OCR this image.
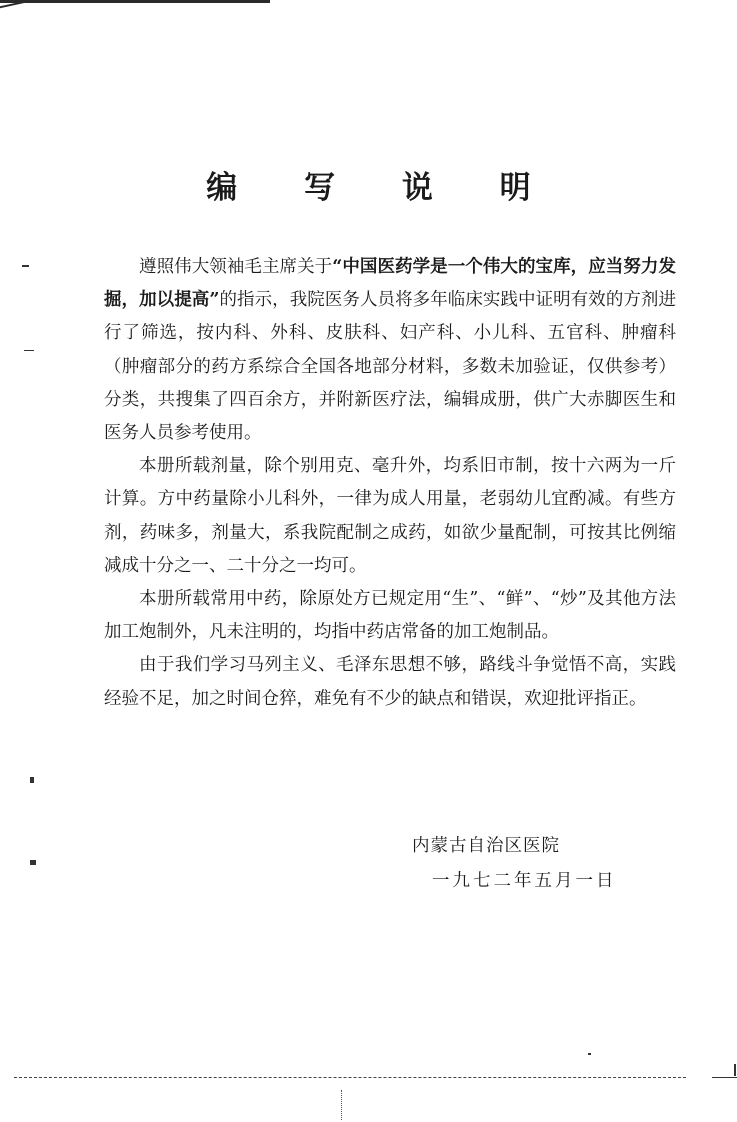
编 写 说 明

遵照伟大领袖毛主席关于“中国医药学是一个伟大的宝库，应当努力发掘，加以提高”的指示，我院医务人员将多年临床实践中证明有效的方剂进行了筛选，按内科、外科、皮肤科、妇产科、小儿科、五官科、肿瘤科（肿瘤部分的药方系综合全国各地部分材料，多数未加验证，仅供参考）分类，共搜集了四百余方，并附新医疗法，编辑成册，供广大赤脚医生和医务人员参考使用。

本册所载剂量，除个别用克、毫升外，均系旧市制，按十六两为一斤计算。方中药量除小儿科外，一律为成人用量，老弱幼儿宜酌减。有些方剂，药味多，剂量大，系我院配制之成药，如欲少量配制，可按其比例缩减成十分之一、二十分之一均可。

本册所载常用中药，除原处方已规定用“生”、“鲜”、“炒”及其他方法加工炮制外，凡未注明的，均指中药店常备的加工炮制品。

由于我们学习马列主义、毛泽东思想不够，路线斗争觉悟不高，实践经验不足，加之时间仓猝，难免有不少的缺点和错误，欢迎批评指正。

内蒙古自治区医院
一九七二年五月一日
